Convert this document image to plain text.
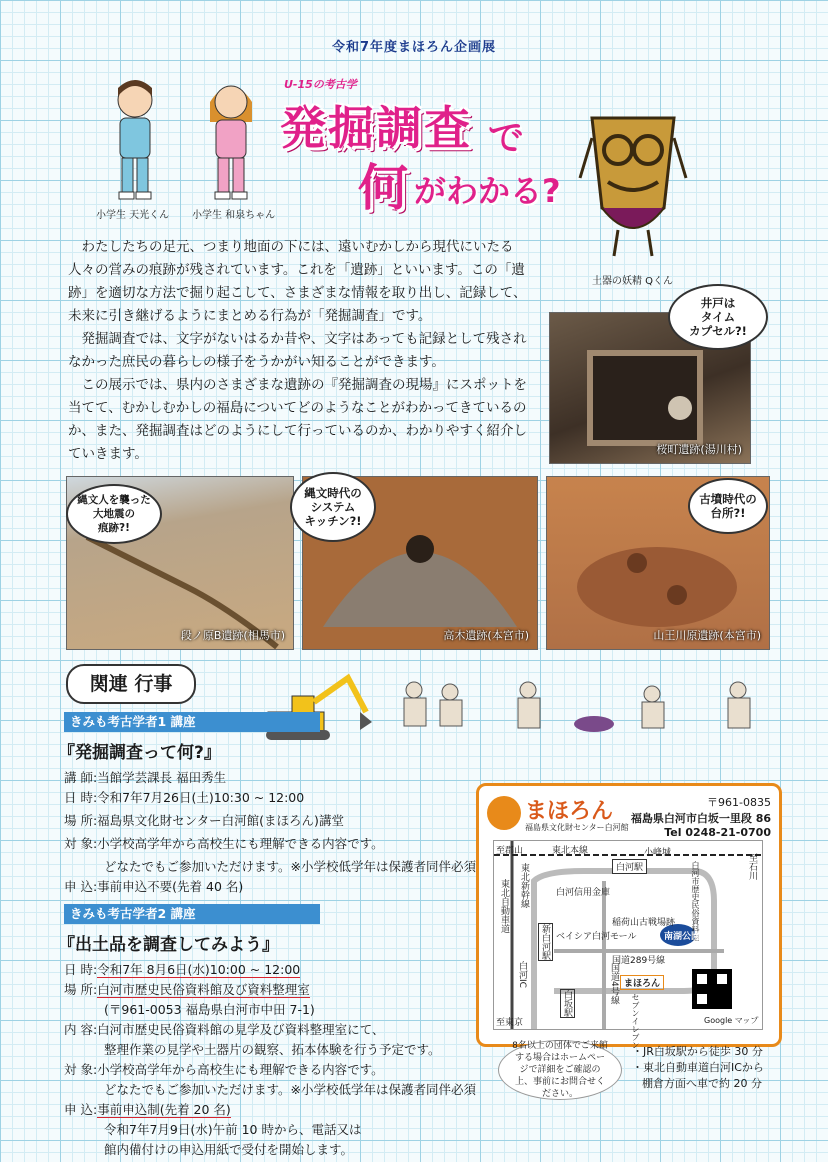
令和7年度まほろん企画展
小学生 天光くん 小学生 和泉ちゃん
U-15の考古学
発掘調査 で
何 がわかる?
土器の妖精 Qくん

わたしたちの足元、つまり地面の下には、遠いむかしから現代にいたる人々の営みの痕跡が残されています。これを「遺跡」といいます。この「遺跡」を適切な方法で掘り起こして、さまざまな情報を取り出し、記録して、未来に引き継げるようにまとめる行為が「発掘調査」です。

発掘調査では、文字がないはるか昔や、文字はあっても記録として残されなかった庶民の暮らしの様子をうかがい知ることができます。

この展示では、県内のさまざまな遺跡の『発掘調査の現場』にスポットを当てて、むかしむかしの福島についてどのようなことがわかってきているのか、また、発掘調査はどのようにして行っているのか、わかりやすく紹介していきます。	桜町遺跡(湯川村)
井戸は
タイム
カプセル?!
段ノ原B遺跡(相馬市)	高木遺跡(本宮市)	山王川原遺跡(本宮市)
縄文人を襲った
大地震の
痕跡?!
縄文時代の
システム
キッチン?!
古墳時代の
台所?!
関連 行事
きみも考古学者1 講座
『発掘調査って何?』
講 師:当館学芸課長 福田秀生
日 時:令和7年7月26日(土)10:30 ~ 12:00
場 所:福島県文化財センター白河館(まほろん)講堂
対 象:小学校高学年から高校生にも理解できる内容です。
どなたでもご参加いただけます。※小学校低学年は保護者同伴必須
申 込:事前申込不要(先着 40 名)
きみも考古学者2 講座
『出土品を調査してみよう』
日 時:令和7年 8月6日(水)10:00 ~ 12:00
場 所:白河市歴史民俗資料館及び資料整理室
(〒961-0053 福島県白河市中田 7-1)
内 容:白河市歴史民俗資料館の見学及び資料整理室にて、
整理作業の見学や土器片の観察、拓本体験を行う予定です。
対 象:小学校高学年から高校生にも理解できる内容です。
どなたでもご参加いただけます。※小学校低学年は保護者同伴必須
申 込:事前申込制(先着 20 名)
令和7年7月9日(水)午前 10 時から、電話又は
館内備付けの申込用紙で受付を開始します。
まほろん
福島県文化財センター白河館
〒961-0835
福島県白河市白坂一里段 86
Tel 0248-21-0700
至郡山	東北本線
白河駅	至石川
小峰城
東北新幹線
東北自動車道	白河信用金庫	白河市歴史民俗資料館
稲荷山古戦場跡
ベイシア白河モール	南湖公園
国道289号線
新白河駅
白河IC	国道4号線 まほろん
セブンイレブン
白坂駅
至東京	Google マップ
8名以上の団体でご来館する場合はホームページで詳細をご確認の上、事前にお問合せください。
・JR白坂駅から徒歩 30 分
・東北自動車道白河ICから
棚倉方面へ車で約 20 分
